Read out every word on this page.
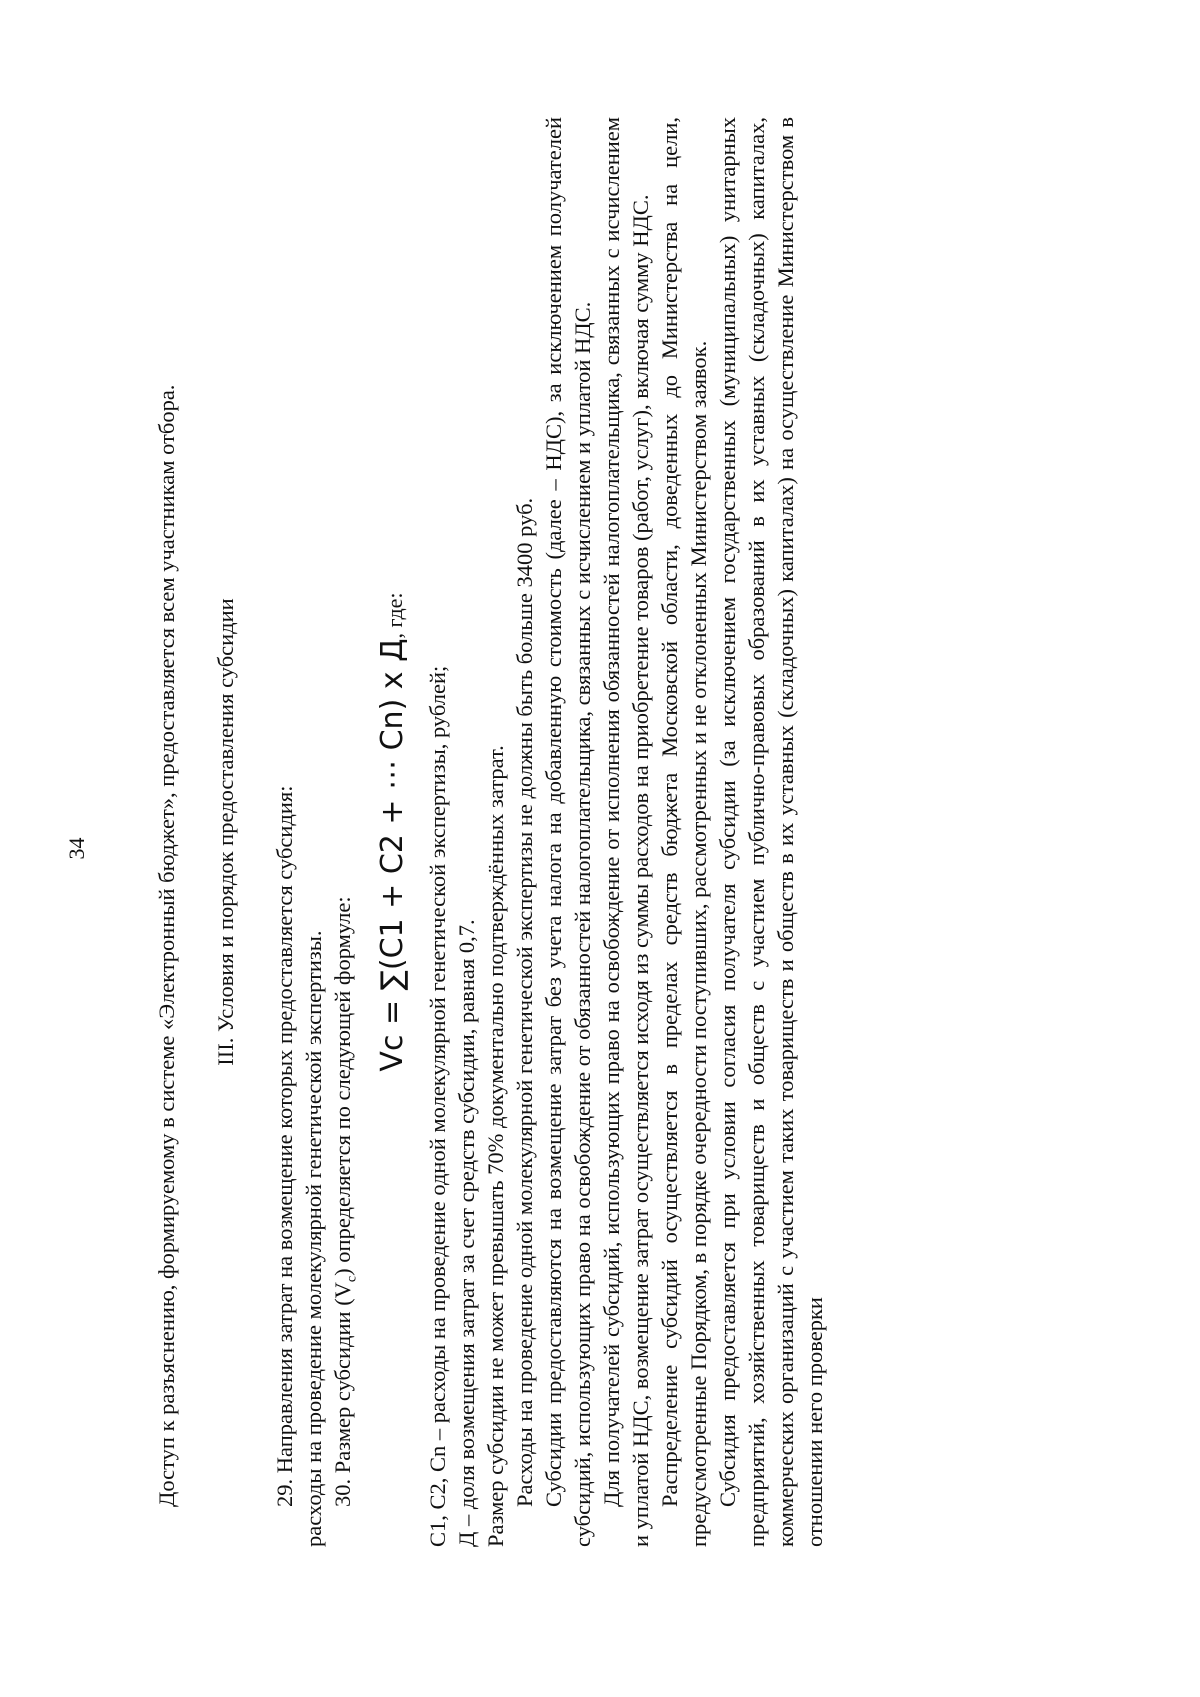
34	Доступ к разъяснению, формируемому в системе «Электронный бюджет», предоставляется всем участникам отбора. III. Условия и порядок предоставления субсидии 29. Направления затрат на возмещение которых предоставляется субсидия: расходы на проведение молекулярной генетической экспертизы. 30. Размер субсидии $(V_с)$ определяется по следующей формуле:

Vc = ∑(C1 + C2 + ⋯ Cn) x Д, где:

С1, С2, Сn – расходы на проведение одной молекулярной генетической экспертизы, рублей; Д – доля возмещения затрат за счет средств субсидии, равная 0,7. Размер субсидии не может превышать 70% документально подтверждённых затрат. Расходы на проведение одной молекулярной генетической экспертизы не должны быть больше 3400 руб. Субсидии предоставляются на возмещение затрат без учета налога на добавленную стоимость (далее – НДС), за исключением получателей субсидий, использующих право на освобождение от обязанностей налогоплательщика, связанных с исчислением и уплатой НДС. Для получателей субсидий, использующих право на освобождение от исполнения обязанностей налогоплательщика, связанных с исчислением и уплатой НДС, возмещение затрат осуществляется исходя из суммы расходов на приобретение товаров (работ, услуг), включая сумму НДС. Распределение субсидий осуществляется в пределах средств бюджета Московской области, доведенных до Министерства на цели, предусмотренные Порядком, в порядке очередности поступивших, рассмотренных и не отклоненных Министерством заявок. Субсидия предоставляется при условии согласия получателя субсидии (за исключением государственных (муниципальных) унитарных предприятий, хозяйственных товариществ и обществ с участием публично-правовых образований в их уставных (складочных) капиталах, коммерческих организаций с участием таких товариществ и обществ в их уставных (складочных) капиталах) на осуществление Министерством в отношении него проверки
